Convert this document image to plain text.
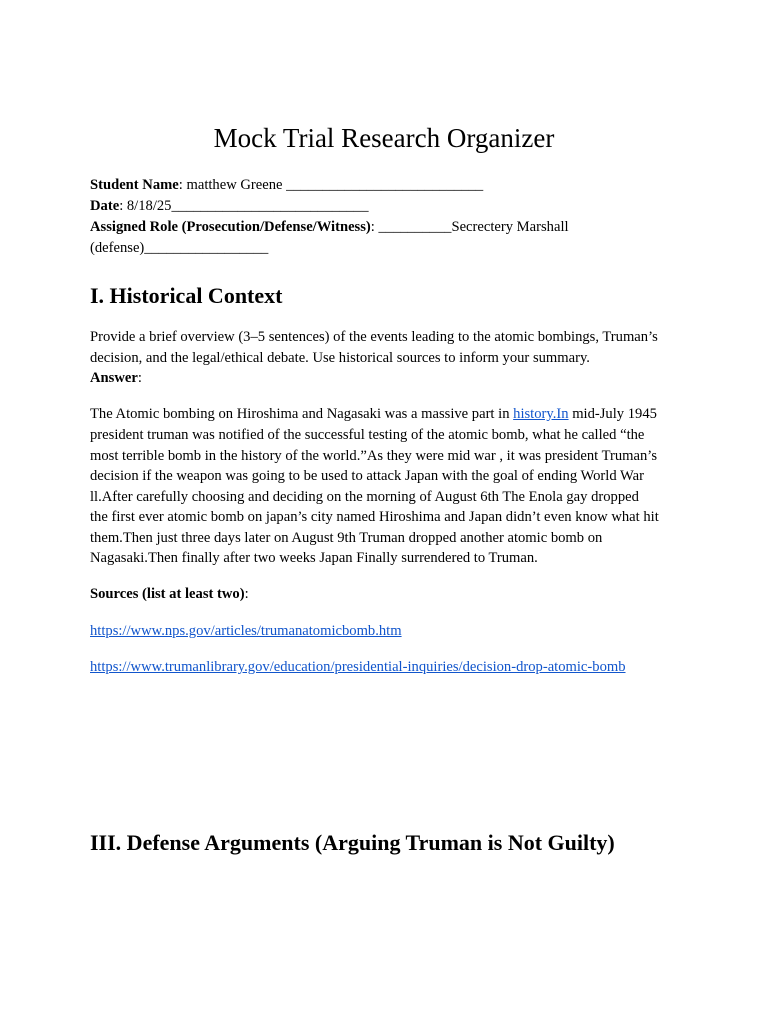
Mock Trial Research Organizer
Student Name: matthew Greene ___________________________
Date: 8/18/25___________________________
Assigned Role (Prosecution/Defense/Witness): __________Secrectery Marshall
(defense)_________________
I. Historical Context
Provide a brief overview (3–5 sentences) of the events leading to the atomic bombings, Truman’s
decision, and the legal/ethical debate. Use historical sources to inform your summary.
Answer:
The Atomic bombing on Hiroshima and Nagasaki was a massive part in history.In mid-July 1945
president truman was notified of the successful testing of the atomic bomb, what he called “the
most terrible bomb in the history of the world.”As they were mid war , it was president Truman’s
decision if the weapon was going to be used to attack Japan with the goal of ending World War
ll.After carefully choosing and deciding on the morning of August 6th The Enola gay dropped
the first ever atomic bomb on japan’s city named Hiroshima and Japan didn’t even know what hit
them.Then just three days later on August 9th Truman dropped another atomic bomb on
Nagasaki.Then finally after two weeks Japan Finally surrendered to Truman.
Sources (list at least two):
https://www.nps.gov/articles/trumanatomicbomb.htm
https://www.trumanlibrary.gov/education/presidential-inquiries/decision-drop-atomic-bomb
III. Defense Arguments (Arguing Truman is Not Guilty)
